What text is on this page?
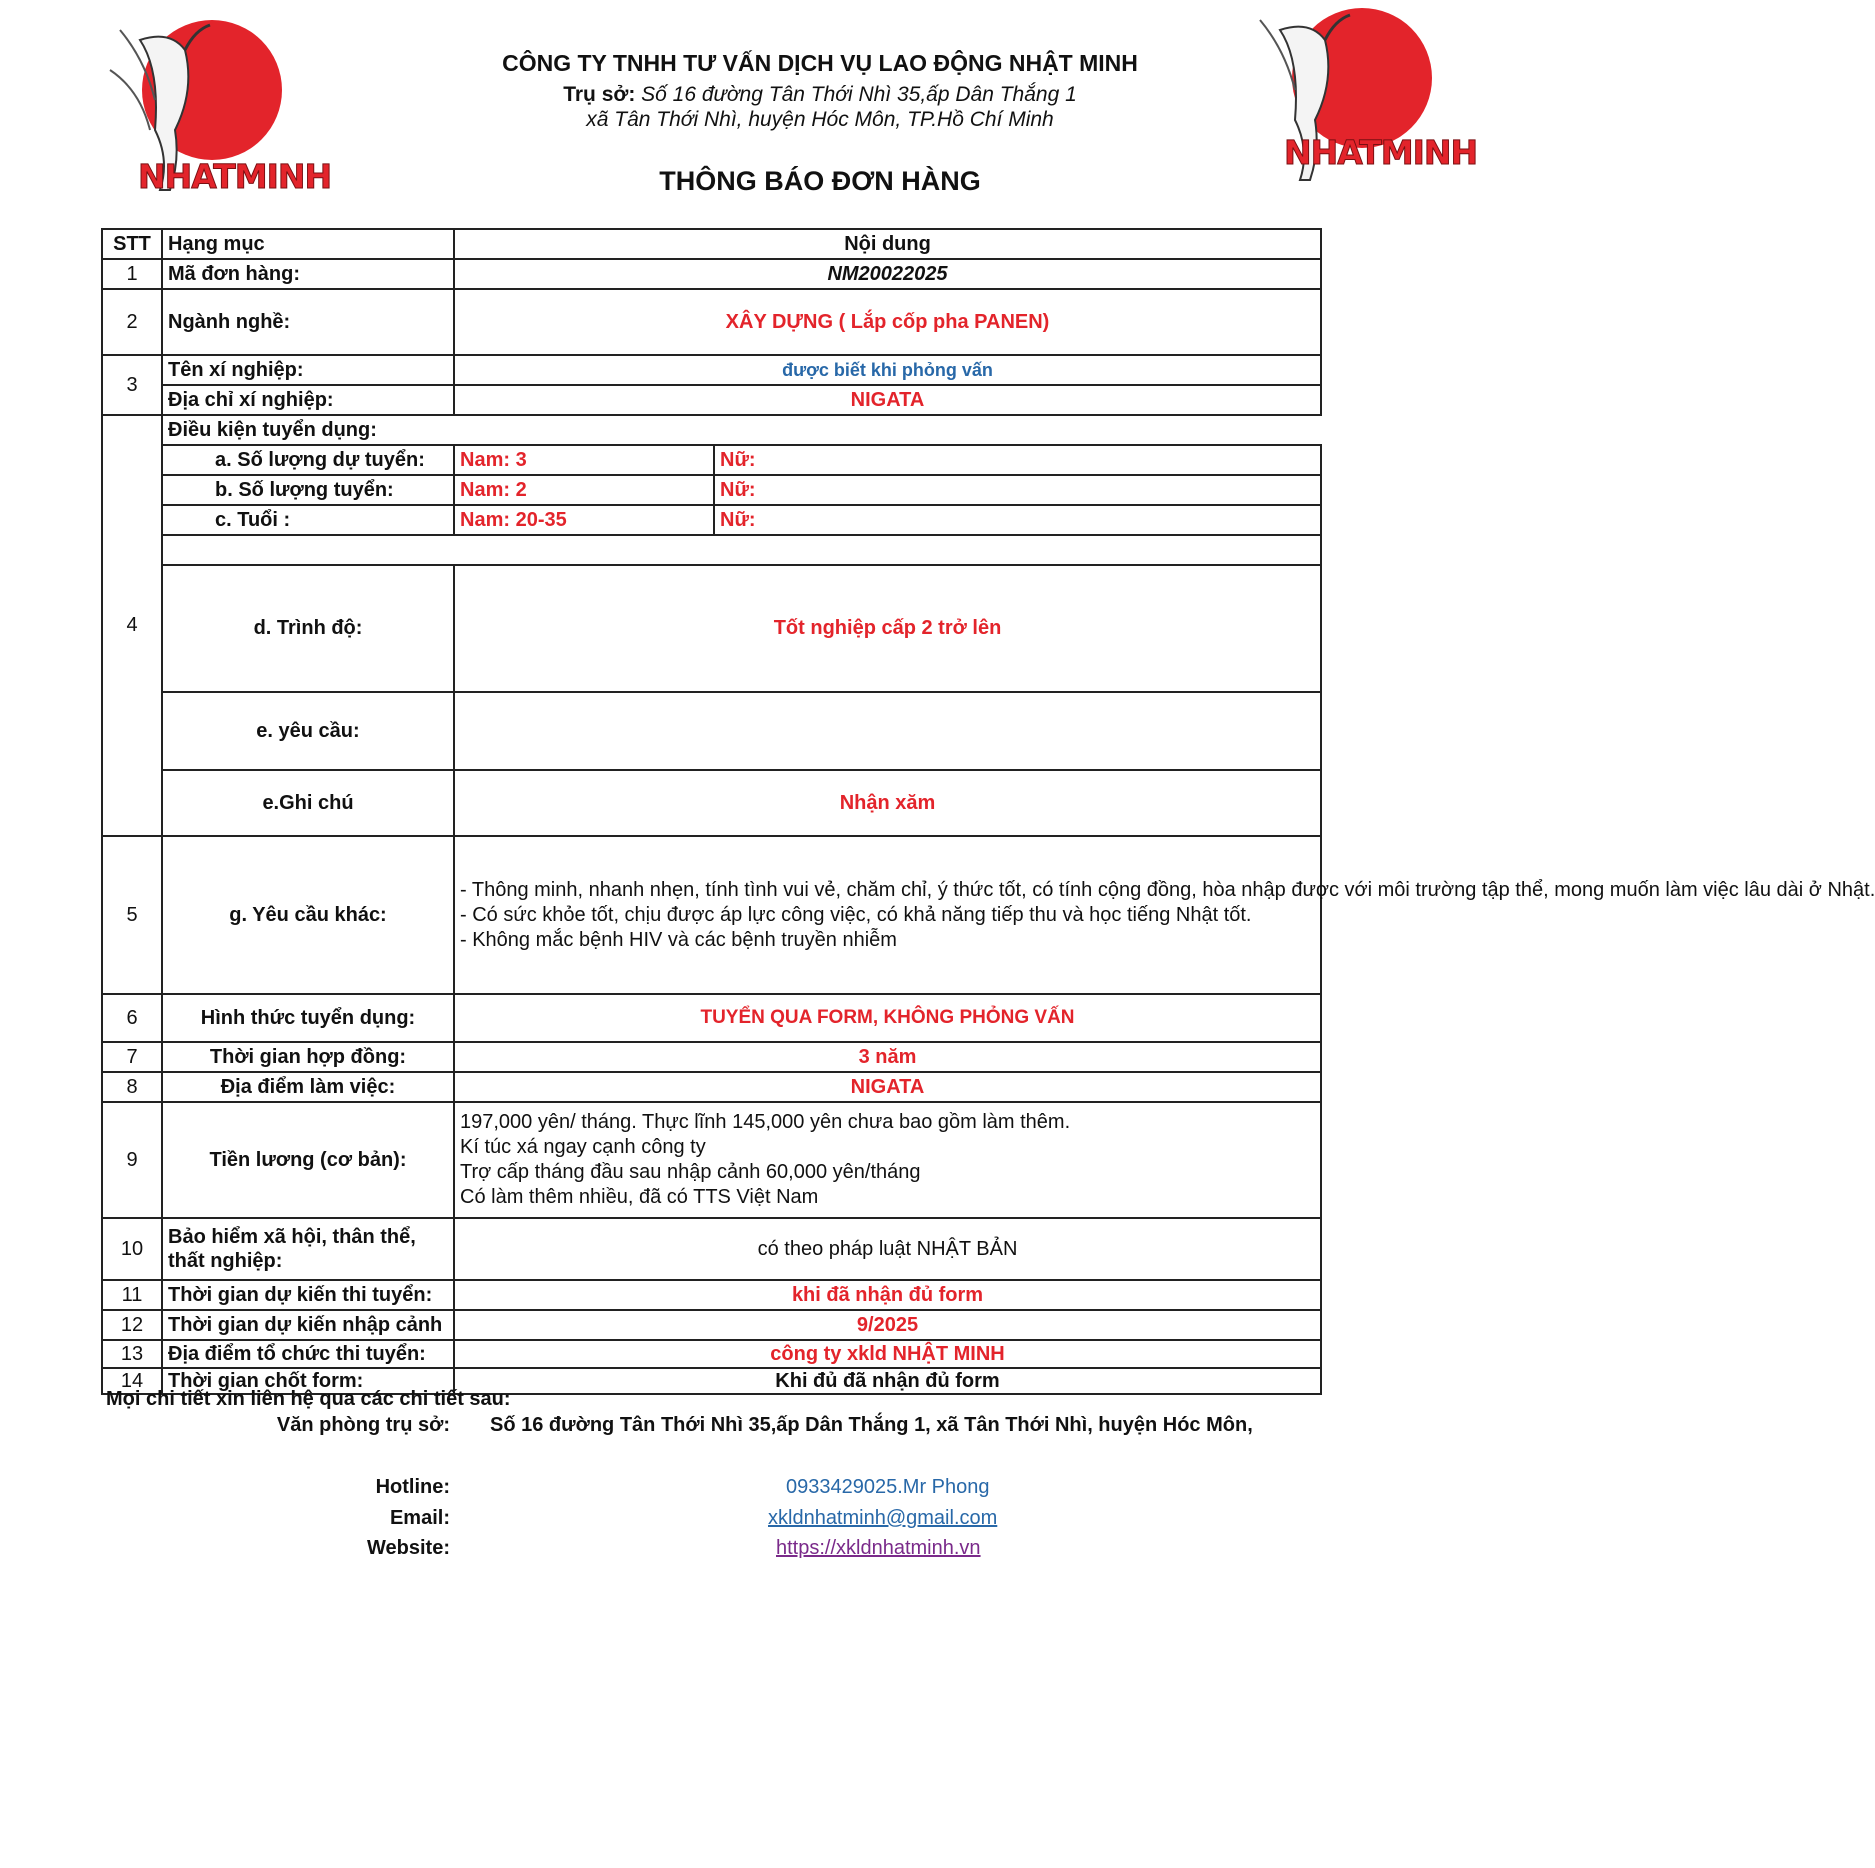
NHATMINH
NHATMINH
CÔNG TY TNHH TƯ VẤN DỊCH VỤ LAO ĐỘNG NHẬT MINH
Trụ sở: Số 16 đường Tân Thới Nhì 35,ấp Dân Thắng 1
xã Tân Thới Nhì, huyện Hóc Môn, TP.Hồ Chí Minh
THÔNG BÁO ĐƠN HÀNG
STT	Hạng mục	Nội dung	
1	Mã đơn hàng:	NM20022025	
2	Ngành nghề:	XÂY DỰNG ( Lắp cốp pha PANEN)	
3	Tên xí nghiệp:	được biết khi phỏng vấn	
	Địa chỉ xí nghiệp:	NIGATA	
4	Điều kiện tuyển dụng:		
	a. Số lượng dự tuyển:	Nam: 3	Nữ:
	b. Số lượng tuyển:	Nam: 2	Nữ:
	c. Tuổi :	Nam: 20-35	Nữ:

	d. Trình độ:	Tốt nghiệp cấp 2 trở lên	
	e. yêu cầu:		
	e.Ghi chú	Nhận xăm	

5	g. Yêu cầu khác:	- Thông minh, nhanh nhẹn, tính tình vui vẻ, chăm chỉ, ý thức tốt, có tính cộng đồng, hòa nhập được với môi trường tập thể, mong muốn làm việc lâu dài ở Nhật.
- Có sức khỏe tốt, chịu được áp lực công việc, có khả năng tiếp thu và học tiếng Nhật tốt.
- Không mắc bệnh HIV và các bệnh truyền nhiễm	

6	Hình thức tuyển dụng:	TUYỂN QUA FORM, KHÔNG PHỎNG VẤN	
7	Thời gian hợp đồng:	3 năm	
8	Địa điểm làm việc:	NIGATA	
9	Tiền lương (cơ bản):	197,000 yên/ tháng. Thực lĩnh 145,000 yên chưa bao gồm làm thêm.
Kí túc xá ngay cạnh công ty
Trợ cấp tháng đầu sau nhập cảnh 60,000 yên/tháng
Có làm thêm nhiều, đã có TTS Việt Nam	

10	Bảo hiểm xã hội, thân thể, thất nghiệp:	có theo pháp luật NHẬT BẢN	
11	Thời gian dự kiến thi tuyển:	khi đã nhận đủ form	
12	Thời gian dự kiến nhập cảnh	9/2025	
13	Địa điểm tổ chức thi tuyển:	công ty xkld NHẬT MINH	
14	Thời gian chốt form:	Khi đủ đã nhận đủ form	
Mọi chi tiết xin liên hệ qua các chi tiết sau:
Văn phòng trụ sở: Số 16 đường Tân Thới Nhì 35,ấp Dân Thắng 1, xã Tân Thới Nhì, huyện Hóc Môn,
Hotline:	0933429025.Mr Phong
Email:	xkldnhatminh@gmail.com
Website:	https://xkldnhatminh.vn
